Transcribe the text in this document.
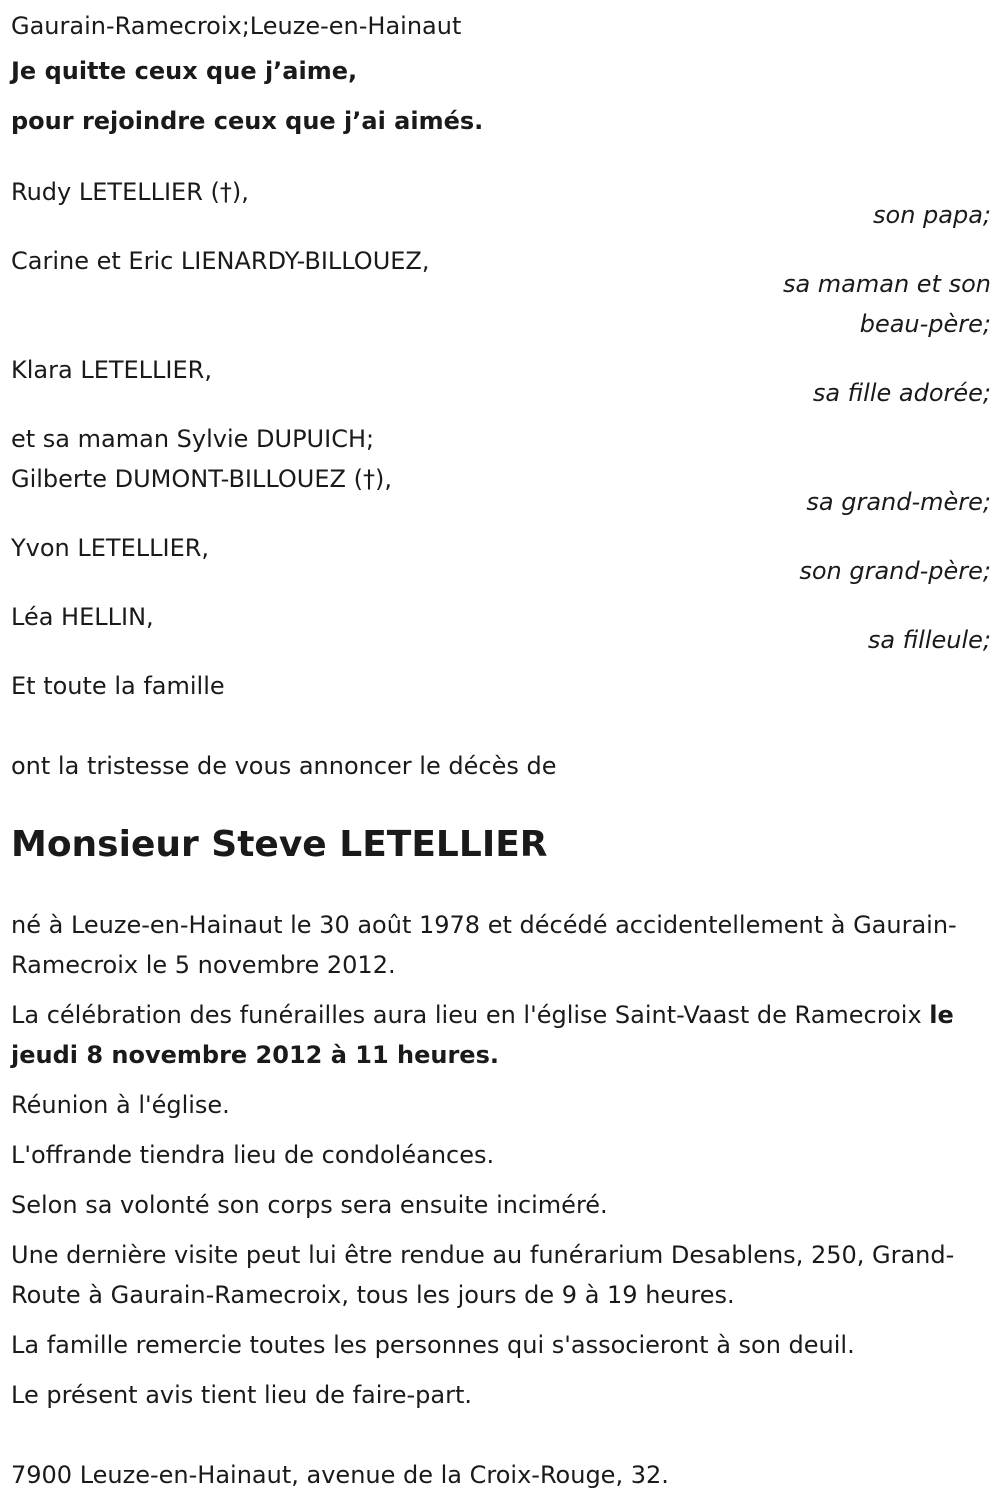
Gaurain-Ramecroix;Leuze-en-Hainaut
Je quitte ceux que j’aime,
pour rejoindre ceux que j’ai aimés.
Rudy LETELLIER (†),
son papa;
Carine et Eric LIENARDY-BILLOUEZ,
sa maman et son
beau-père;
Klara LETELLIER,
sa fille adorée;
et sa maman Sylvie DUPUICH;
Gilberte DUMONT-BILLOUEZ (†),
sa grand-mère;
Yvon LETELLIER,
son grand-père;
Léa HELLIN,
sa filleule;
Et toute la famille
ont la tristesse de vous annoncer le décès de
Monsieur Steve LETELLIER

né à Leuze-en-Hainaut le 30 août 1978 et décédé accidentellement à Gaurain-Ramecroix le 5 novembre 2012.

La célébration des funérailles aura lieu en l'église Saint-Vaast de Ramecroix le jeudi 8 novembre 2012 à 11 heures.

Réunion à l'église.

L'offrande tiendra lieu de condoléances.

Selon sa volonté son corps sera ensuite inciméré.

Une dernière visite peut lui être rendue au funérarium Desablens, 250, Grand-Route à Gaurain-Ramecroix, tous les jours de 9 à 19 heures.

La famille remercie toutes les personnes qui s'associeront à son deuil.

Le présent avis tient lieu de faire-part.

7900 Leuze-en-Hainaut, avenue de la Croix-Rouge, 32.
